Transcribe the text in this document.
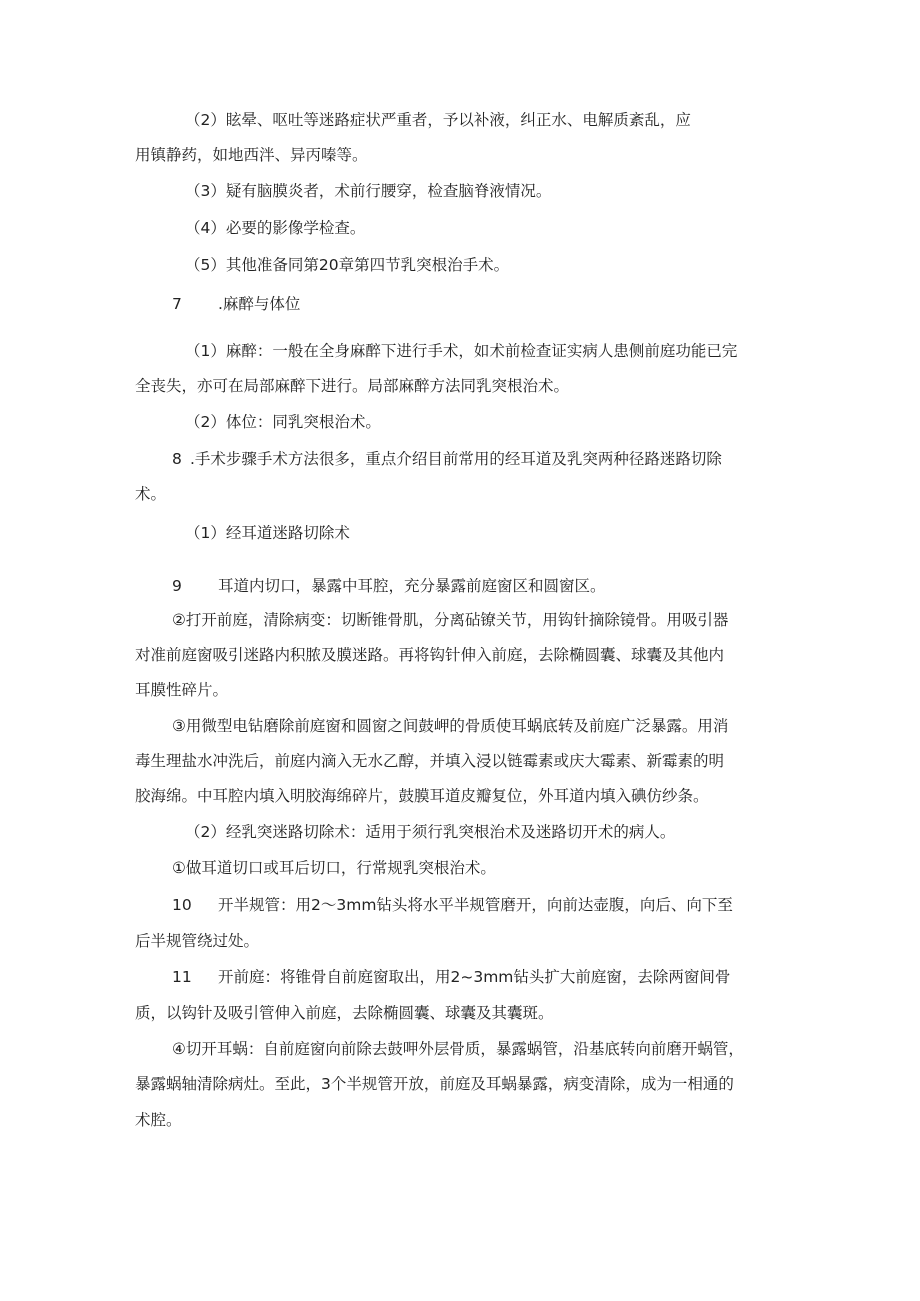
（2）眩晕、呕吐等迷路症状严重者，予以补液，纠正水、电解质紊乱，应
用镇静药，如地西泮、异丙嗪等。
（3）疑有脑膜炎者，术前行腰穿，检查脑脊液情况。
（4）必要的影像学检查。
（5）其他准备同第20章第四节乳突根治手术。
7 .麻醉与体位
（1）麻醉：一般在全身麻醉下进行手术，如术前检查证实病人患侧前庭功能已完
全丧失，亦可在局部麻醉下进行。局部麻醉方法同乳突根治术。
（2）体位：同乳突根治术。
8 .手术步骤手术方法很多，重点介绍目前常用的经耳道及乳突两种径路迷路切除
术。
（1）经耳道迷路切除术
9 耳道内切口，暴露中耳腔，充分暴露前庭窗区和圆窗区。
②打开前庭，清除病变：切断锥骨肌，分离砧镣关节，用钩针摘除镜骨。用吸引器
对准前庭窗吸引迷路内积脓及膜迷路。再将钩针伸入前庭，去除椭圆囊、球囊及其他内
耳膜性碎片。
③用微型电钻磨除前庭窗和圆窗之间鼓岬的骨质使耳蜗底转及前庭广泛暴露。用消
毒生理盐水冲洗后，前庭内滴入无水乙醇，并填入浸以链霉素或庆大霉素、新霉素的明
胶海绵。中耳腔内填入明胶海绵碎片，鼓膜耳道皮瓣复位，外耳道内填入碘仿纱条。
（2）经乳突迷路切除术：适用于须行乳突根治术及迷路切开术的病人。
①做耳道切口或耳后切口，行常规乳突根治术。
10 开半规管：用2～3mm钻头将水平半规管磨开，向前达壶腹，向后、向下至
后半规管绕过处。
11 开前庭：将锥骨自前庭窗取出，用2~3mm钻头扩大前庭窗，去除两窗间骨
质，以钩针及吸引管伸入前庭，去除椭圆囊、球囊及其囊斑。
④切开耳蜗：自前庭窗向前除去鼓呷外层骨质，暴露蜗管，沿基底转向前磨开蜗管，
暴露蜗轴清除病灶。至此，3个半规管开放，前庭及耳蜗暴露，病变清除，成为一相通的
术腔。
